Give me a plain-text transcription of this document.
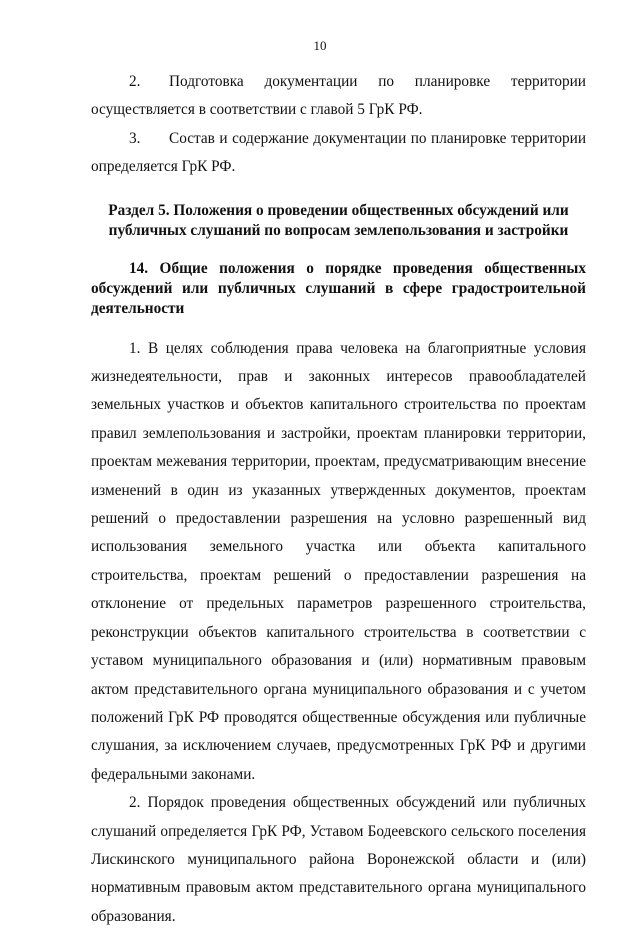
10

2. Подготовка документации по планировке территории осуществляется в соответствии с главой 5 ГрК РФ.

3. Состав и содержание документации по планировке территории определяется ГрК РФ.

Раздел 5. Положения о проведении общественных обсуждений или публичных слушаний по вопросам землепользования и застройки

14. Общие положения о порядке проведения общественных обсуждений или публичных слушаний в сфере градостроительной деятельности

1. В целях соблюдения права человека на благоприятные условия жизнедеятельности, прав и законных интересов правообладателей земельных участков и объектов капитального строительства по проектам правил землепользования и застройки, проектам планировки территории, проектам межевания территории, проектам, предусматривающим внесение изменений в один из указанных утвержденных документов, проектам решений о предоставлении разрешения на условно разрешенный вид использования земельного участка или объекта капитального строительства, проектам решений о предоставлении разрешения на отклонение от предельных параметров разрешенного строительства, реконструкции объектов капитального строительства в соответствии с уставом муниципального образования и (или) нормативным правовым актом представительного органа муниципального образования и с учетом положений ГрК РФ проводятся общественные обсуждения или публичные слушания, за исключением случаев, предусмотренных ГрК РФ и другими федеральными законами.

2. Порядок проведения общественных обсуждений или публичных слушаний определяется ГрК РФ, Уставом Бодеевского сельского поселения Лискинского муниципального района Воронежской области и (или) нормативным правовым актом представительного органа муниципального образования.
